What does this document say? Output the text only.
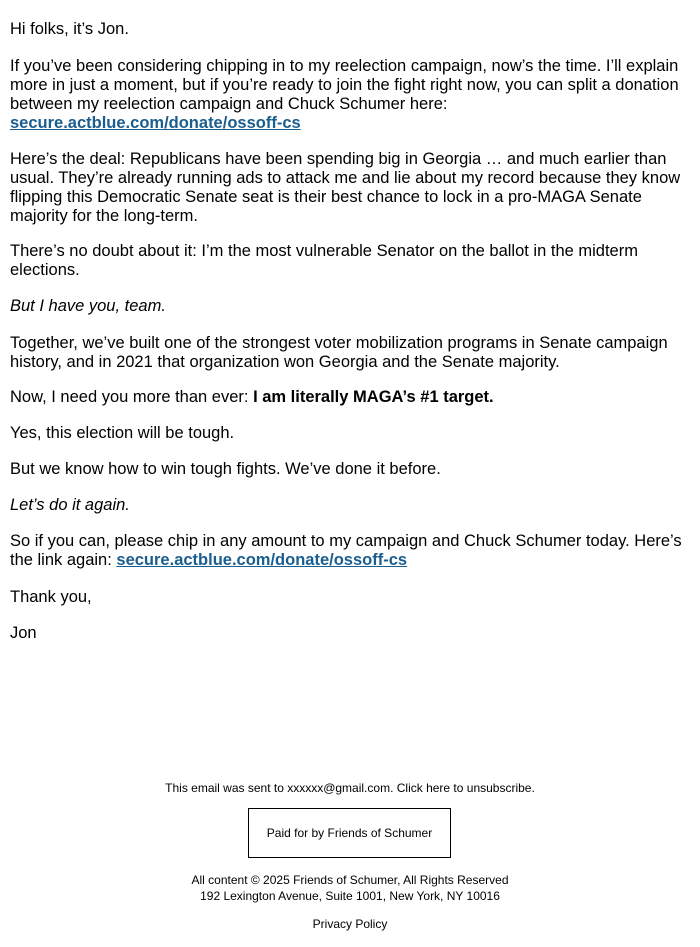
Hi folks, it’s Jon.

If you’ve been considering chipping in to my reelection campaign, now’s the time. I’ll explain more in just a moment, but if you’re ready to join the fight right now, you can split a donation between my reelection campaign and Chuck Schumer here:
secure.actblue.com/donate/ossoff-cs

Here’s the deal: Republicans have been spending big in Georgia … and much earlier than usual. They’re already running ads to attack me and lie about my record because they know flipping this Democratic Senate seat is their best chance to lock in a pro-MAGA Senate majority for the long-term.

There’s no doubt about it: I’m the most vulnerable Senator on the ballot in the midterm elections.

But I have you, team.

Together, we’ve built one of the strongest voter mobilization programs in Senate campaign history, and in 2021 that organization won Georgia and the Senate majority.

Now, I need you more than ever: I am literally MAGA’s #1 target.

Yes, this election will be tough.

But we know how to win tough fights. We’ve done it before.

Let’s do it again.

So if you can, please chip in any amount to my campaign and Chuck Schumer today. Here’s the link again: secure.actblue.com/donate/ossoff-cs

Thank you,

Jon

This email was sent to xxxxxx@gmail.com. Click here to unsubscribe.
Paid for by Friends of Schumer
All content © 2025 Friends of Schumer, All Rights Reserved
192 Lexington Avenue, Suite 1001, New York, NY 10016
Privacy Policy
